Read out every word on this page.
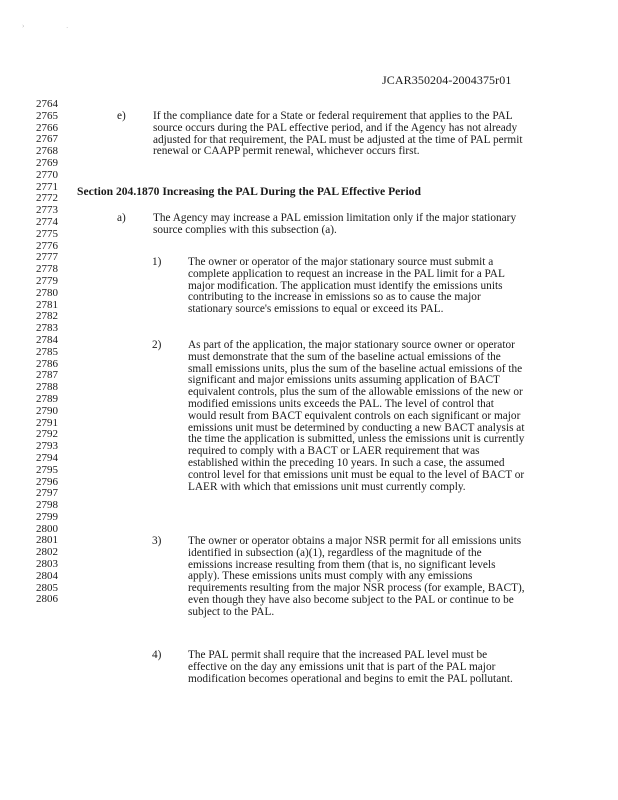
›	·
JCAR350204-2004375r01
2764
2765
2766
2767
2768
2769
2770
2771
2772
2773
2774
2775
2776
2777
2778
2779
2780
2781
2782
2783
2784
2785
2786
2787
2788
2789
2790
2791
2792
2793
2794
2795
2796
2797
2798
2799
2800
2801
2802
2803
2804
2805
2806
e) If the compliance date for a State or federal requirement that applies to the PAL
source occurs during the PAL effective period, and if the Agency has not already
adjusted for that requirement, the PAL must be adjusted at the time of PAL permit
renewal or CAAPP permit renewal, whichever occurs first.
Section 204.1870 Increasing the PAL During the PAL Effective Period
a) The Agency may increase a PAL emission limitation only if the major stationary
source complies with this subsection (a).
1) The owner or operator of the major stationary source must submit a
complete application to request an increase in the PAL limit for a PAL
major modification. The application must identify the emissions units
contributing to the increase in emissions so as to cause the major
stationary source's emissions to equal or exceed its PAL.
2) As part of the application, the major stationary source owner or operator
must demonstrate that the sum of the baseline actual emissions of the
small emissions units, plus the sum of the baseline actual emissions of the
significant and major emissions units assuming application of BACT
equivalent controls, plus the sum of the allowable emissions of the new or
modified emissions units exceeds the PAL. The level of control that
would result from BACT equivalent controls on each significant or major
emissions unit must be determined by conducting a new BACT analysis at
the time the application is submitted, unless the emissions unit is currently
required to comply with a BACT or LAER requirement that was
established within the preceding 10 years. In such a case, the assumed
control level for that emissions unit must be equal to the level of BACT or
LAER with which that emissions unit must currently comply.
3) The owner or operator obtains a major NSR permit for all emissions units
identified in subsection (a)(1), regardless of the magnitude of the
emissions increase resulting from them (that is, no significant levels
apply). These emissions units must comply with any emissions
requirements resulting from the major NSR process (for example, BACT),
even though they have also become subject to the PAL or continue to be
subject to the PAL.
4) The PAL permit shall require that the increased PAL level must be
effective on the day any emissions unit that is part of the PAL major
modification becomes operational and begins to emit the PAL pollutant.
